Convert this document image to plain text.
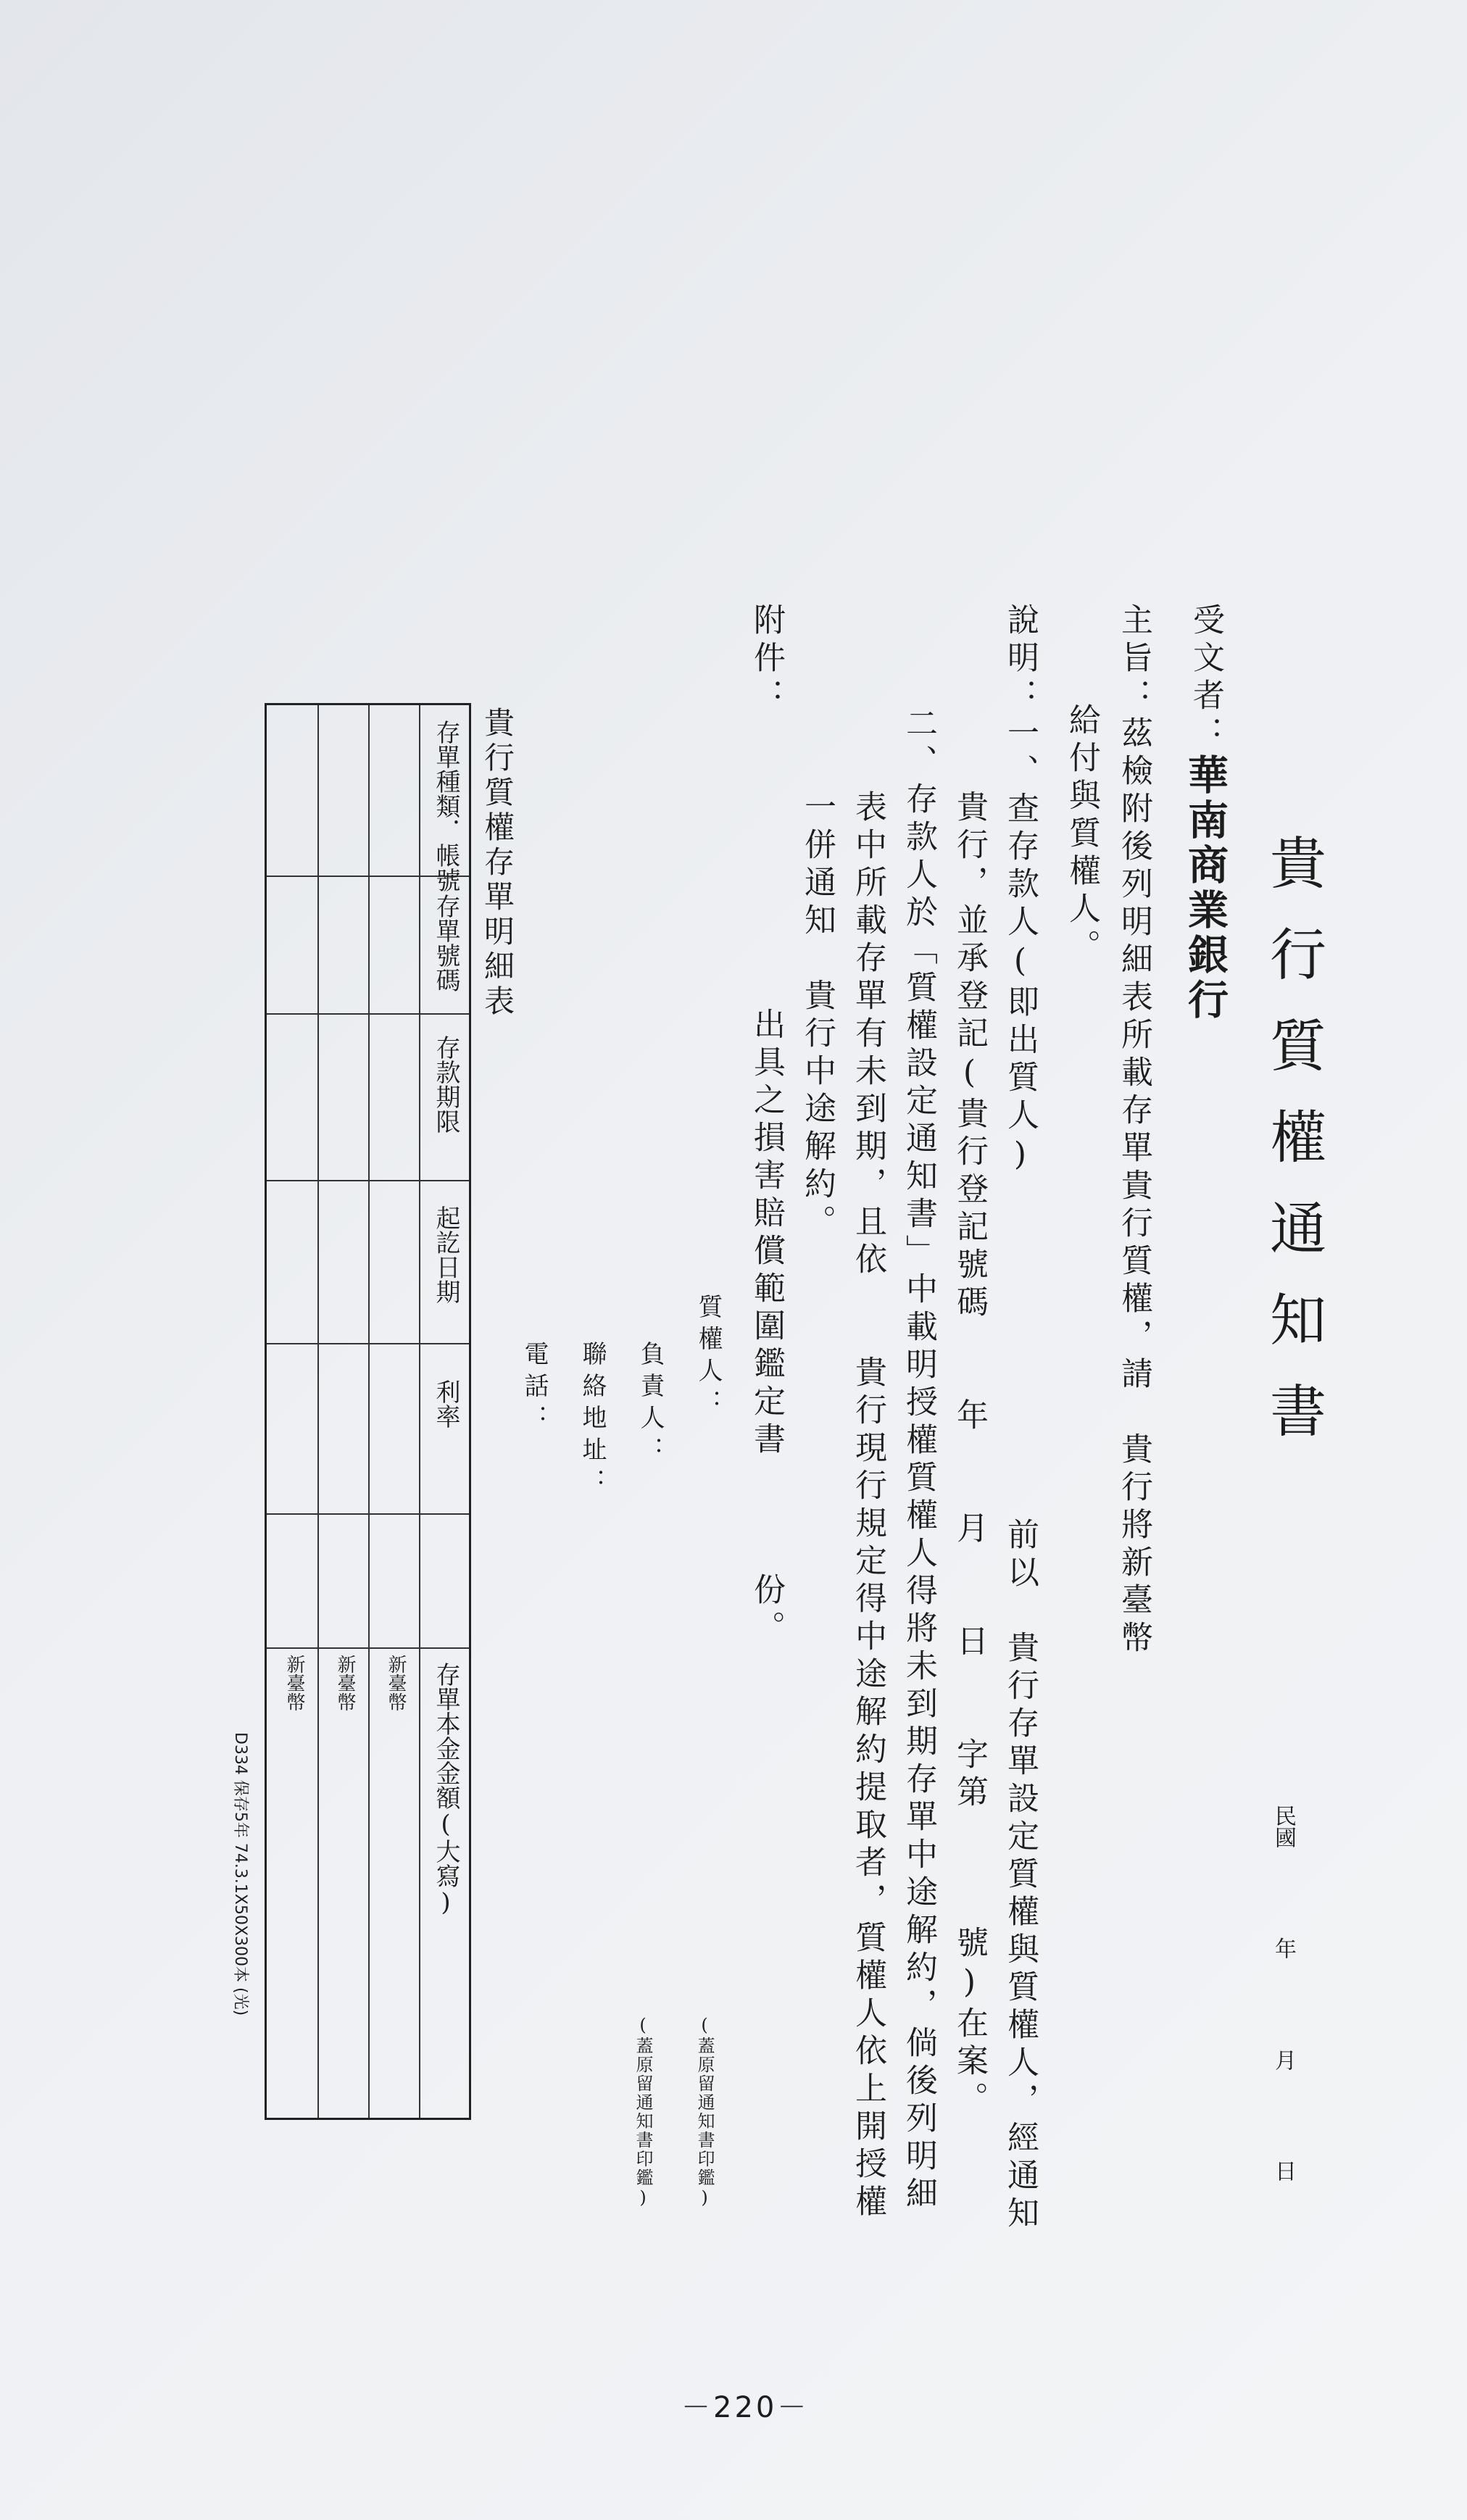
貴行質權通知書
民國
年
月
日
受文者：華南商業銀行
主旨：茲檢附後列明細表所載存單貴行質權，請　貴行將新臺幣
給付與質權人。
說明：一、查存款人(即出質人)　　　　　　　　　前以　貴行存單設定質權與質權人，經通知
貴行，並承登記(貴行登記號碼　　年　　月　　日　　字第　　　號)在案。
二、存款人於「質權設定通知書」中載明授權質權人得將未到期存單中途解約，倘後列明細
表中所載存單有未到期，且依　　貴行現行規定得中途解約提取者，質權人依上開授權
一併通知　貴行中途解約。
附件：
出具之損害賠償範圍鑑定書　　　份。
質權人：
負責人：
聯絡地址：
電話：
(蓋原留通知書印鑑)
(蓋原留通知書印鑑)
貴行質權存單明細表
存單種類．帳號
存單號碼
存款期限
起訖日期
利率
存單本金金額(大寫)
新臺幣
新臺幣
新臺幣
D334 保存5年 74.3.1X50X300本 (光)
－220－
